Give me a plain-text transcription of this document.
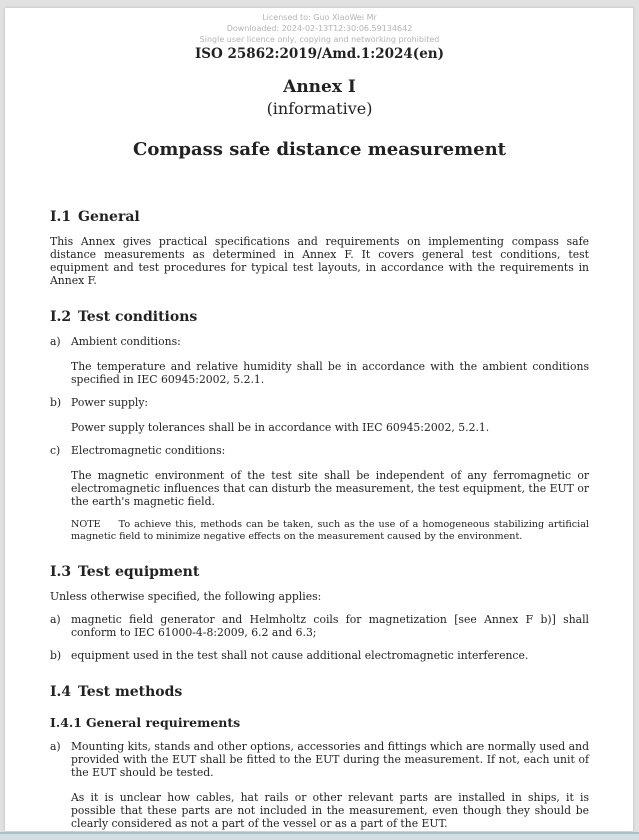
Licensed to: Guo XiaoWei Mr
Downloaded: 2024-02-13T12:30:06.59134642
Single user licence only, copying and networking prohibited
ISO 25862:2019/Amd.1:2024(en)
Annex I
(informative)
Compass safe distance measurement
I.1 General
This Annex gives practical specifications and requirements on implementing compass safe distance measurements as determined in Annex F. It covers general test conditions, test equipment and test procedures for typical test layouts, in accordance with the requirements in Annex F.
I.2 Test conditions
a) Ambient conditions:
The temperature and relative humidity shall be in accordance with the ambient conditions specified in IEC 60945:2002, 5.2.1.
b) Power supply:
Power supply tolerances shall be in accordance with IEC 60945:2002, 5.2.1.
c) Electromagnetic conditions:
The magnetic environment of the test site shall be independent of any ferromagnetic or electromagnetic influences that can disturb the measurement, the test equipment, the EUT or the earth's magnetic field.
NOTE To achieve this, methods can be taken, such as the use of a homogeneous stabilizing artificial magnetic field to minimize negative effects on the measurement caused by the environment.
I.3 Test equipment
Unless otherwise specified, the following applies:
a) magnetic field generator and Helmholtz coils for magnetization [see Annex F b)] shall conform to IEC 61000-4-8:2009, 6.2 and 6.3;
b) equipment used in the test shall not cause additional electromagnetic interference.
I.4 Test methods
I.4.1 General requirements
a) Mounting kits, stands and other options, accessories and fittings which are normally used and provided with the EUT shall be fitted to the EUT during the measurement. If not, each unit of the EUT should be tested.
As it is unclear how cables, hat rails or other relevant parts are installed in ships, it is possible that these parts are not included in the measurement, even though they should be clearly considered as not a part of the vessel or as a part of the EUT.
